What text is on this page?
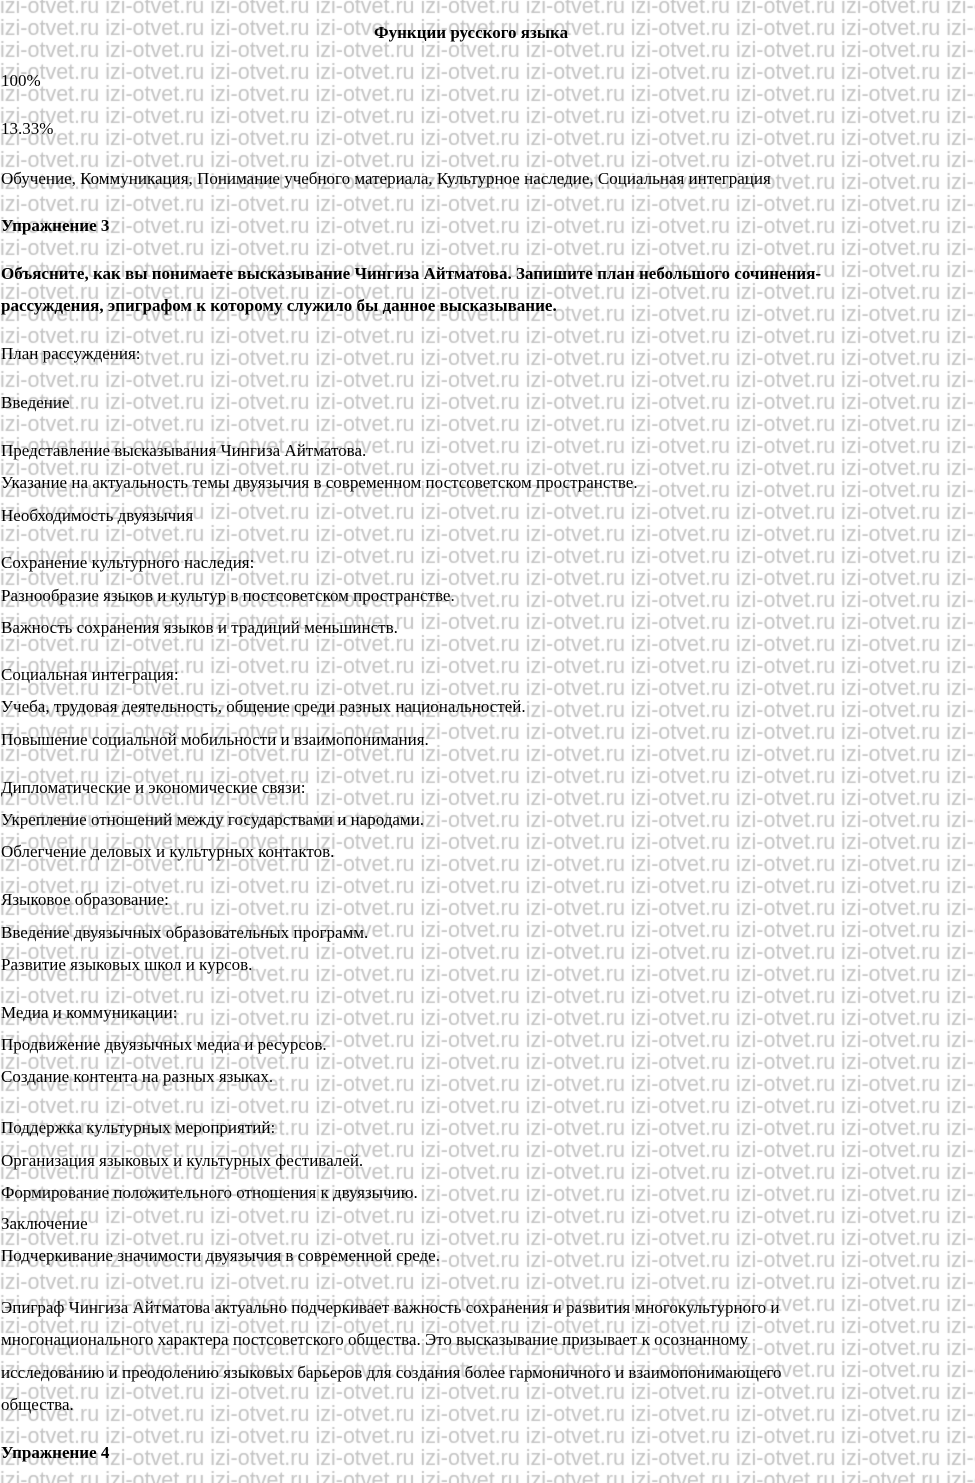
Функции русского языка
100%
13.33%
Обучение, Коммуникация, Понимание учебного материала, Культурное наследие, Социальная интеграция
Упражнение 3
Объясните, как вы понимаете высказывание Чингиза Айтматова. Запишите план небольшого сочинения-
рассуждения, эпиграфом к которому служило бы данное высказывание.
План рассуждения:
Введение
Представление высказывания Чингиза Айтматова.
Указание на актуальность темы двуязычия в современном постсоветском пространстве.
Необходимость двуязычия
Сохранение культурного наследия:
Разнообразие языков и культур в постсоветском пространстве.
Важность сохранения языков и традиций меньшинств.
Социальная интеграция:
Учеба, трудовая деятельность, общение среди разных национальностей.
Повышение социальной мобильности и взаимопонимания.
Дипломатические и экономические связи:
Укрепление отношений между государствами и народами.
Облегчение деловых и культурных контактов.
Языковое образование:
Введение двуязычных образовательных программ.
Развитие языковых школ и курсов.
Медиа и коммуникации:
Продвижение двуязычных медиа и ресурсов.
Создание контента на разных языках.
Поддержка культурных мероприятий:
Организация языковых и культурных фестивалей.
Формирование положительного отношения к двуязычию.
Заключение
Подчеркивание значимости двуязычия в современной среде.
Эпиграф Чингиза Айтматова актуально подчеркивает важность сохранения и развития многокультурного и
многонационального характера постсоветского общества. Это высказывание призывает к осознанному
исследованию и преодолению языковых барьеров для создания более гармоничного и взаимопонимающего
общества.
Упражнение 4
